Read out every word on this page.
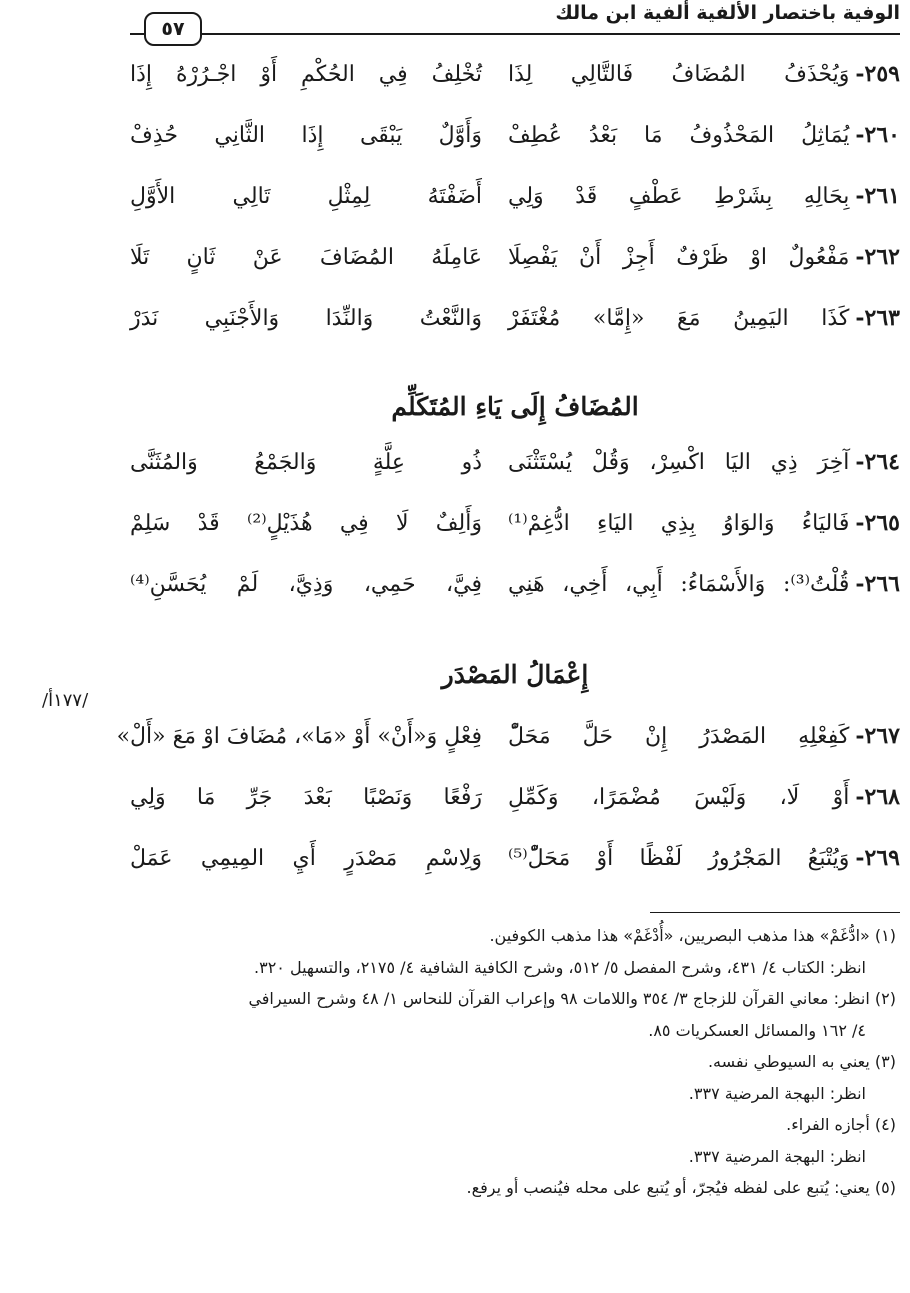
الوفية باختصار الألفية ألفية ابن مالك
٥٧
٢٥٩-وَيُحْذَفُ المُضَافُ فَالتَّالِي لِذَا
تُخْلِفُ فِي الحُكْمِ أَوْ اجْـرُرْهُ إِذَا
٢٦٠-يُمَاثِلُ المَحْذُوفُ مَا بَعْدُ عُطِفْ
وَأَوَّلٌ يَبْقَى إِذَا الثَّانِي حُذِفْ
٢٦١-بِحَالِهِ بِشَرْطِ عَطْفٍ قَدْ وَلِي
أَضَفْتَهُ لِمِثْلِ تَالِي الأَوَّلِ
٢٦٢-مَفْعُولٌ اوْ ظَرْفٌ أَجِزْ أَنْ يَفْصِلَا
عَامِلَهُ المُضَافَ عَنْ ثَانٍ تَلَا
٢٦٣-كَذَا اليَمِينُ مَعَ «إِمَّا» مُغْتَفَرْ
وَالنَّعْتُ وَالنِّدَا وَالأَجْنَبِي نَدَرْ
المُضَافُ إِلَى يَاءِ المُتَكَلِّم
٢٦٤-آخِرَ ذِي اليَا اكْسِرْ، وَقُلْ يُسْتَثْنَى
ذُو عِلَّةٍ وَالجَمْعُ وَالمُثَنَّى
٢٦٥-فَاليَاءُ وَالوَاوُ بِذِي اليَاءِ ادُّغِمْ⁽¹⁾
وَأَلِفٌ لَا فِي هُذَيْلٍ⁽²⁾ قَدْ سَلِمْ
٢٦٦-قُلْتُ⁽³⁾: وَالأَسْمَاءُ: أَبِي، أَخِي، هَنِي
فِيَّ، حَمِي، وَذِيَّ، لَمْ يُحَسَّنِ⁽⁴⁾
إِعْمَالُ المَصْدَر
/١٧٧أ/
٢٦٧-كَفِعْلِهِ المَصْدَرُ إِنْ حَلَّ مَحَلّْ
فِعْلٍ وَ«أَنْ» أَوْ «مَا»، مُضَافَ اوْ مَعَ «أَلْ»
٢٦٨-أَوْ لَا، وَلَيْسَ مُضْمَرًا، وَكَمِّلِ
رَفْعًا وَنَصْبًا بَعْدَ جَرِّ مَا وَلِي
٢٦٩-وَيُتْبَعُ المَجْرُورُ لَفْظًا أَوْ مَحَلّْ⁽⁵⁾
وَلِاسْمِ مَصْدَرٍ أَيِ المِيمِي عَمَلْ

(١) «ادُّغَمْ» هذا مذهب البصريين، «أُدْغَمْ» هذا مذهب الكوفين.

انظر: الكتاب ٤/ ٤٣١، وشرح المفصل ٥/ ٥١٢، وشرح الكافية الشافية ٤/ ٢١٧٥، والتسهيل ٣٢٠.

(٢) انظر: معاني القرآن للزجاج ٣/ ٣٥٤ واللامات ٩٨ وإعراب القرآن للنحاس ١/ ٤٨ وشرح السيرافي

٤/ ١٦٢ والمسائل العسكريات ٨٥.

(٣) يعني به السيوطي نفسه.

انظر: البهجة المرضية ٣٣٧.

(٤) أجازه الفراء.

انظر: البهجة المرضية ٣٣٧.

(٥) يعني: يُتبع على لفظه فيُجرّ، أو يُتبع على محله فيُنصب أو يرفع.
